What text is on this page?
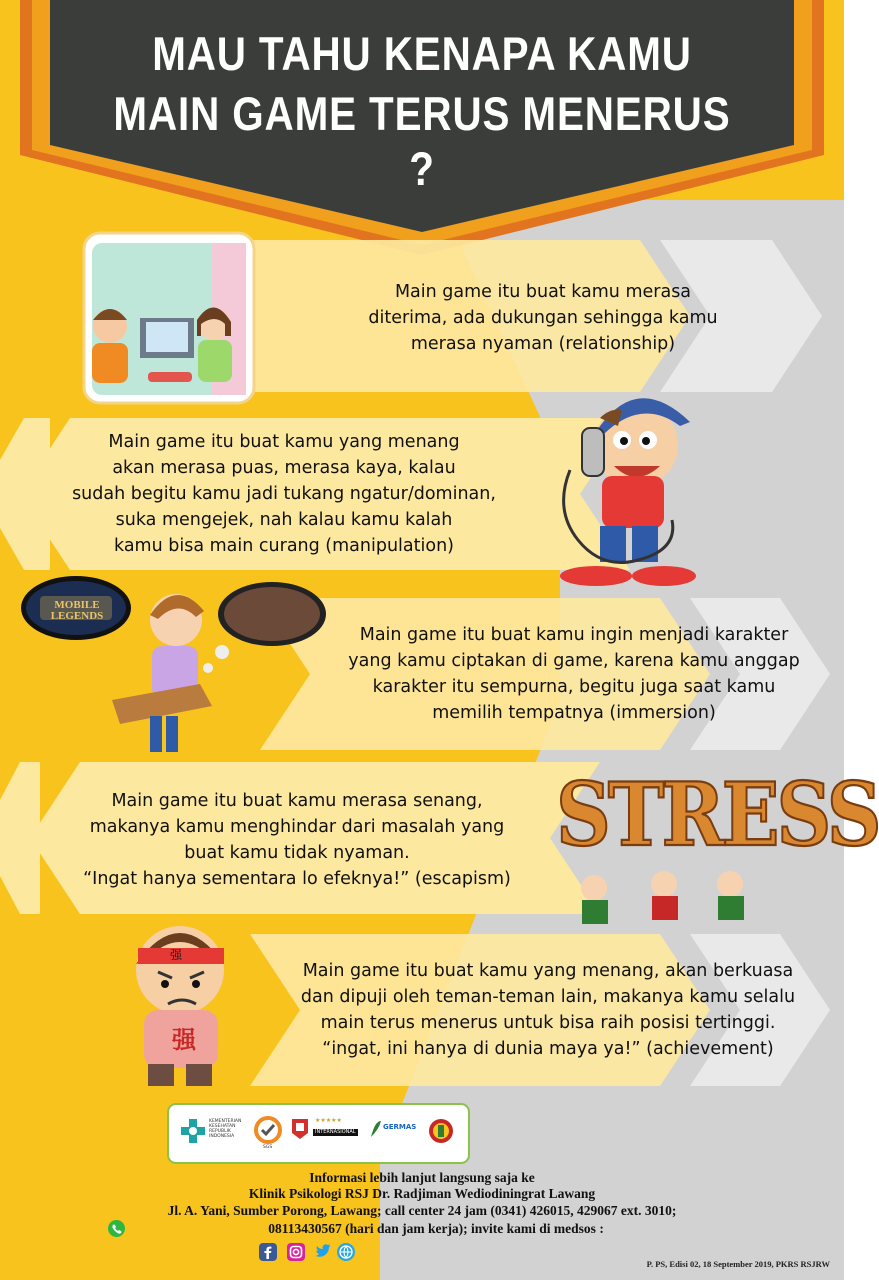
MAU TAHU KENAPA KAMU
MAIN GAME TERUS MENERUS ?
Main game itu buat kamu merasa
diterima, ada dukungan sehingga kamu
merasa nyaman (relationship)
Main game itu buat kamu yang menang
akan merasa puas, merasa kaya, kalau
sudah begitu kamu jadi tukang ngatur/dominan,
suka mengejek, nah kalau kamu kalah
kamu bisa main curang (manipulation)
Main game itu buat kamu ingin menjadi karakter
yang kamu ciptakan di game, karena kamu anggap
karakter itu sempurna, begitu juga saat kamu
memilih tempatnya (immersion)
Main game itu buat kamu merasa senang,
makanya kamu menghindar dari masalah yang
buat kamu tidak nyaman.
“Ingat hanya sementara lo efeknya!” (escapism)
Main game itu buat kamu yang menang, akan berkuasa
dan dipuji oleh teman-teman lain, makanya kamu selalu
main terus menerus untuk bisa raih posisi tertinggi.
“ingat, ini hanya di dunia maya ya!” (achievement)
MOBILE LEGENDS
STRESS
强
强
KEMENTERIAN KESEHATAN REPUBLIK INDONESIA
SGS
★★★★★
INTERNASIONAL
GERMAS
Informasi lebih lanjut langsung saja ke
Klinik Psikologi RSJ Dr. Radjiman Wediodiningrat Lawang
Jl. A. Yani, Sumber Porong, Lawang; call center 24 jam (0341) 426015, 429067 ext. 3010;
08113430567 (hari dan jam kerja); invite kami di medsos :
P. PS, Edisi 02, 18 September 2019, PKRS RSJRW
